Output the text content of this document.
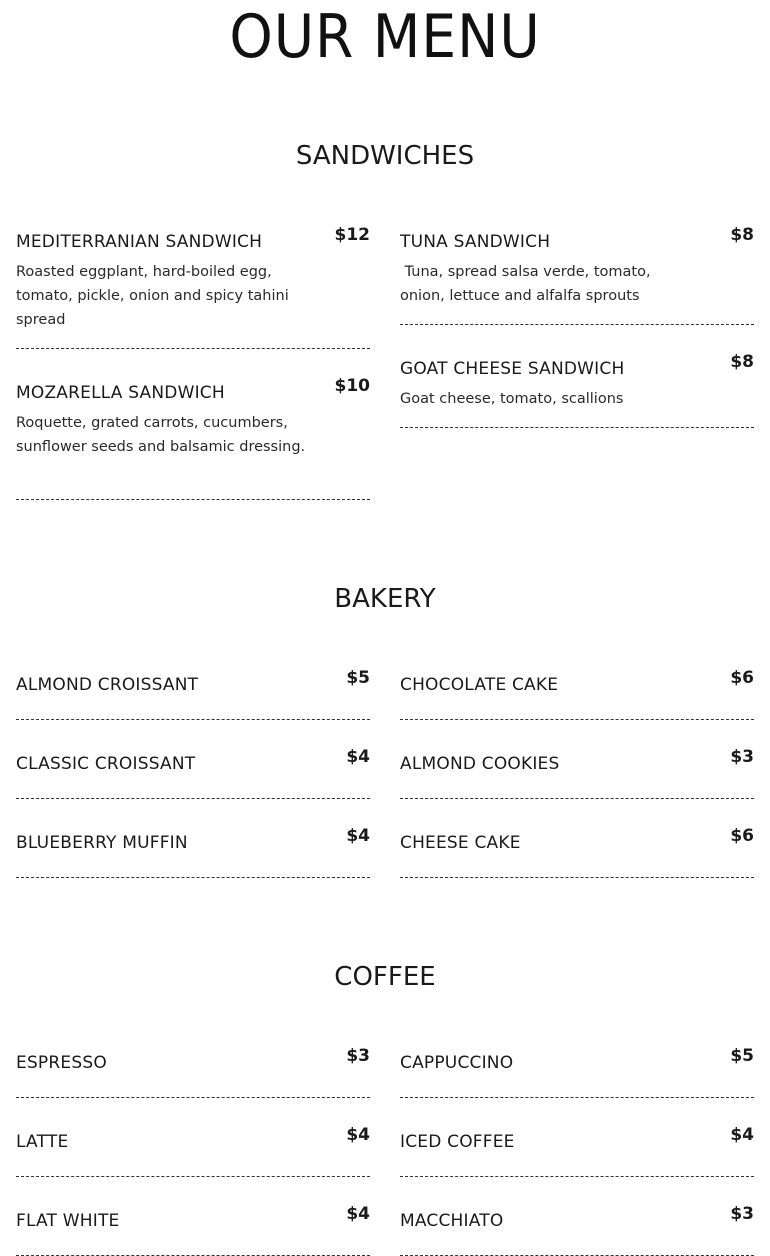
OUR MENU
SANDWICHES
MEDITERRANIAN SANDWICH	$12
Roasted eggplant, hard-boiled egg, tomato, pickle, onion and spicy tahini spread
MOZARELLA SANDWICH	$10
Roquette, grated carrots, cucumbers, sunflower seeds and balsamic dressing.
TUNA SANDWICH	$8
Tuna, spread salsa verde, tomato, onion, lettuce and alfalfa sprouts
GOAT CHEESE SANDWICH	$8
Goat cheese, tomato, scallions
BAKERY
ALMOND CROISSANT	$5
CLASSIC CROISSANT	$4
BLUEBERRY MUFFIN	$4
CHOCOLATE CAKE	$6
ALMOND COOKIES	$3
CHEESE CAKE	$6
COFFEE
ESPRESSO	$3
LATTE	$4
FLAT WHITE	$4
CAPPUCCINO	$5
ICED COFFEE	$4
MACCHIATO	$3
